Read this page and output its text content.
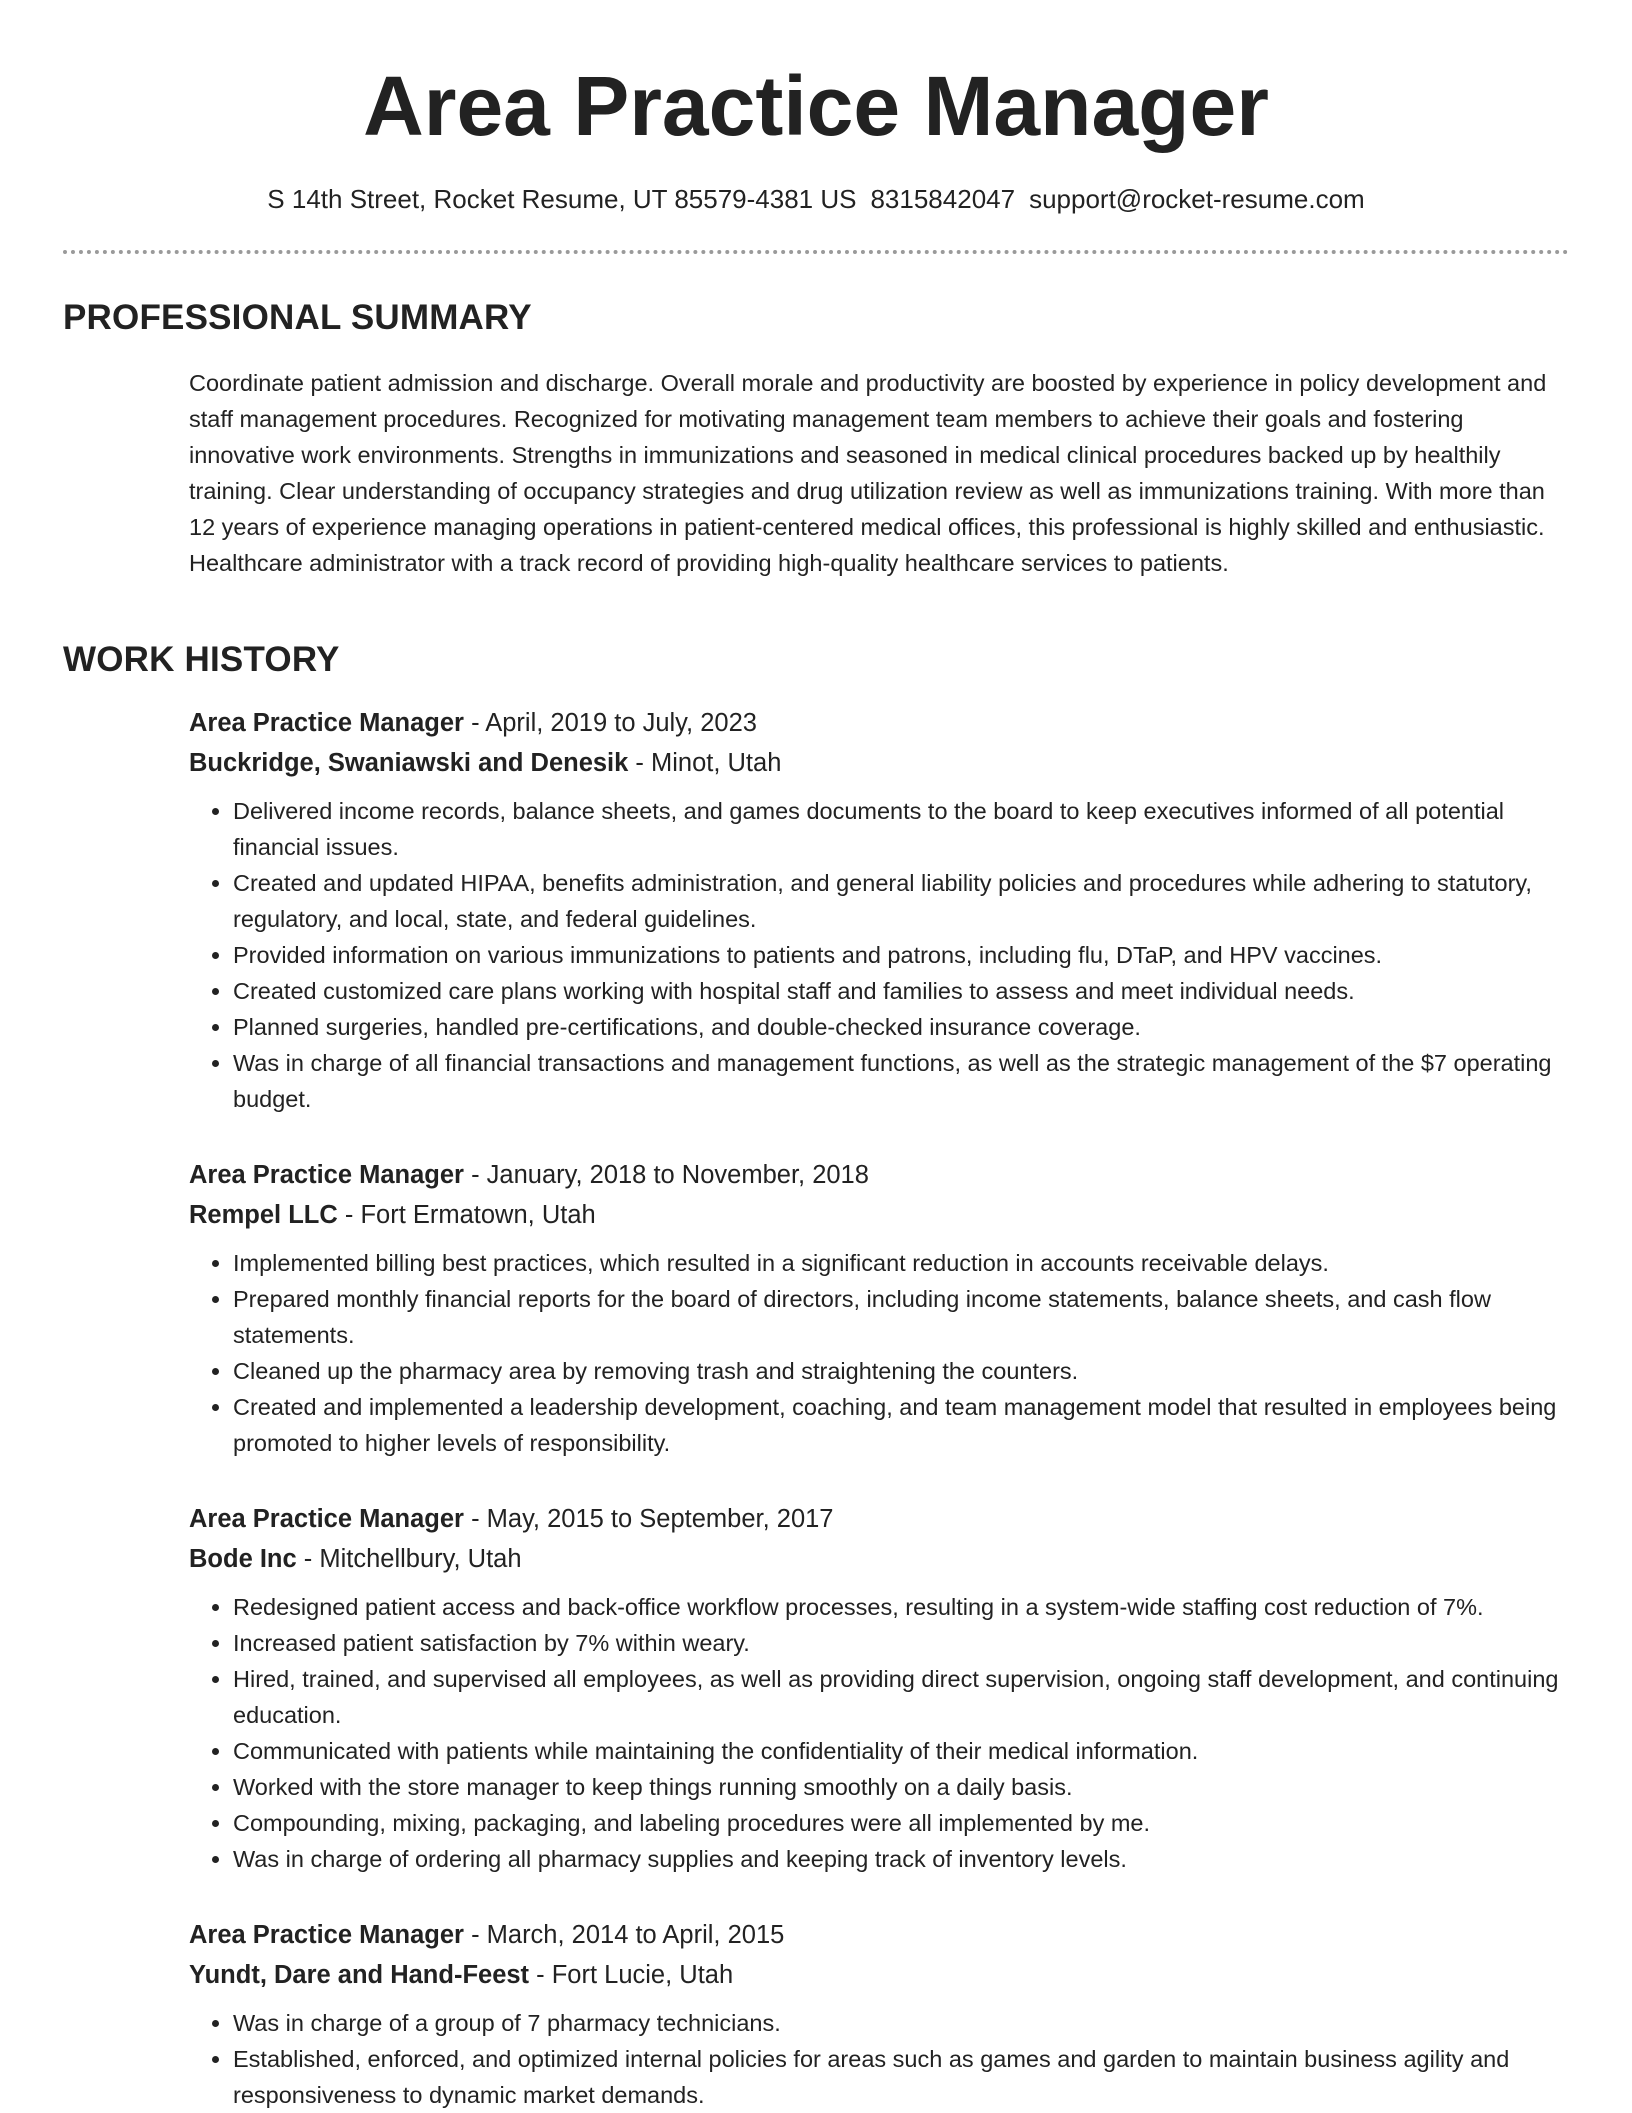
Area Practice Manager
S 14th Street, Rocket Resume, UT 85579-4381 US 8315842047 support@rocket-resume.com
PROFESSIONAL SUMMARY

Coordinate patient admission and discharge. Overall morale and productivity are boosted by experience in policy development and staff management procedures. Recognized for motivating management team members to achieve their goals and fostering innovative work environments. Strengths in immunizations and seasoned in medical clinical procedures backed up by healthily training. Clear understanding of occupancy strategies and drug utilization review as well as immunizations training. With more than 12 years of experience managing operations in patient-centered medical offices, this professional is highly skilled and enthusiastic. Healthcare administrator with a track record of providing high-quality healthcare services to patients.

WORK HISTORY
Area Practice Manager - April, 2019 to July, 2023
Buckridge, Swaniawski and Denesik - Minot, Utah
• Delivered income records, balance sheets, and games documents to the board to keep executives informed of all potential financial issues.
• Created and updated HIPAA, benefits administration, and general liability policies and procedures while adhering to statutory, regulatory, and local, state, and federal guidelines.
• Provided information on various immunizations to patients and patrons, including flu, DTaP, and HPV vaccines.
• Created customized care plans working with hospital staff and families to assess and meet individual needs.
• Planned surgeries, handled pre-certifications, and double-checked insurance coverage.
• Was in charge of all financial transactions and management functions, as well as the strategic management of the $7 operating budget.
Area Practice Manager - January, 2018 to November, 2018
Rempel LLC - Fort Ermatown, Utah
• Implemented billing best practices, which resulted in a significant reduction in accounts receivable delays.
• Prepared monthly financial reports for the board of directors, including income statements, balance sheets, and cash flow statements.
• Cleaned up the pharmacy area by removing trash and straightening the counters.
• Created and implemented a leadership development, coaching, and team management model that resulted in employees being promoted to higher levels of responsibility.
Area Practice Manager - May, 2015 to September, 2017
Bode Inc - Mitchellbury, Utah
• Redesigned patient access and back-office workflow processes, resulting in a system-wide staffing cost reduction of 7%.
• Increased patient satisfaction by 7% within weary.
• Hired, trained, and supervised all employees, as well as providing direct supervision, ongoing staff development, and continuing education.
• Communicated with patients while maintaining the confidentiality of their medical information.
• Worked with the store manager to keep things running smoothly on a daily basis.
• Compounding, mixing, packaging, and labeling procedures were all implemented by me.
• Was in charge of ordering all pharmacy supplies and keeping track of inventory levels.
Area Practice Manager - March, 2014 to April, 2015
Yundt, Dare and Hand-Feest - Fort Lucie, Utah
• Was in charge of a group of 7 pharmacy technicians.
• Established, enforced, and optimized internal policies for areas such as games and garden to maintain business agility and responsiveness to dynamic market demands.
